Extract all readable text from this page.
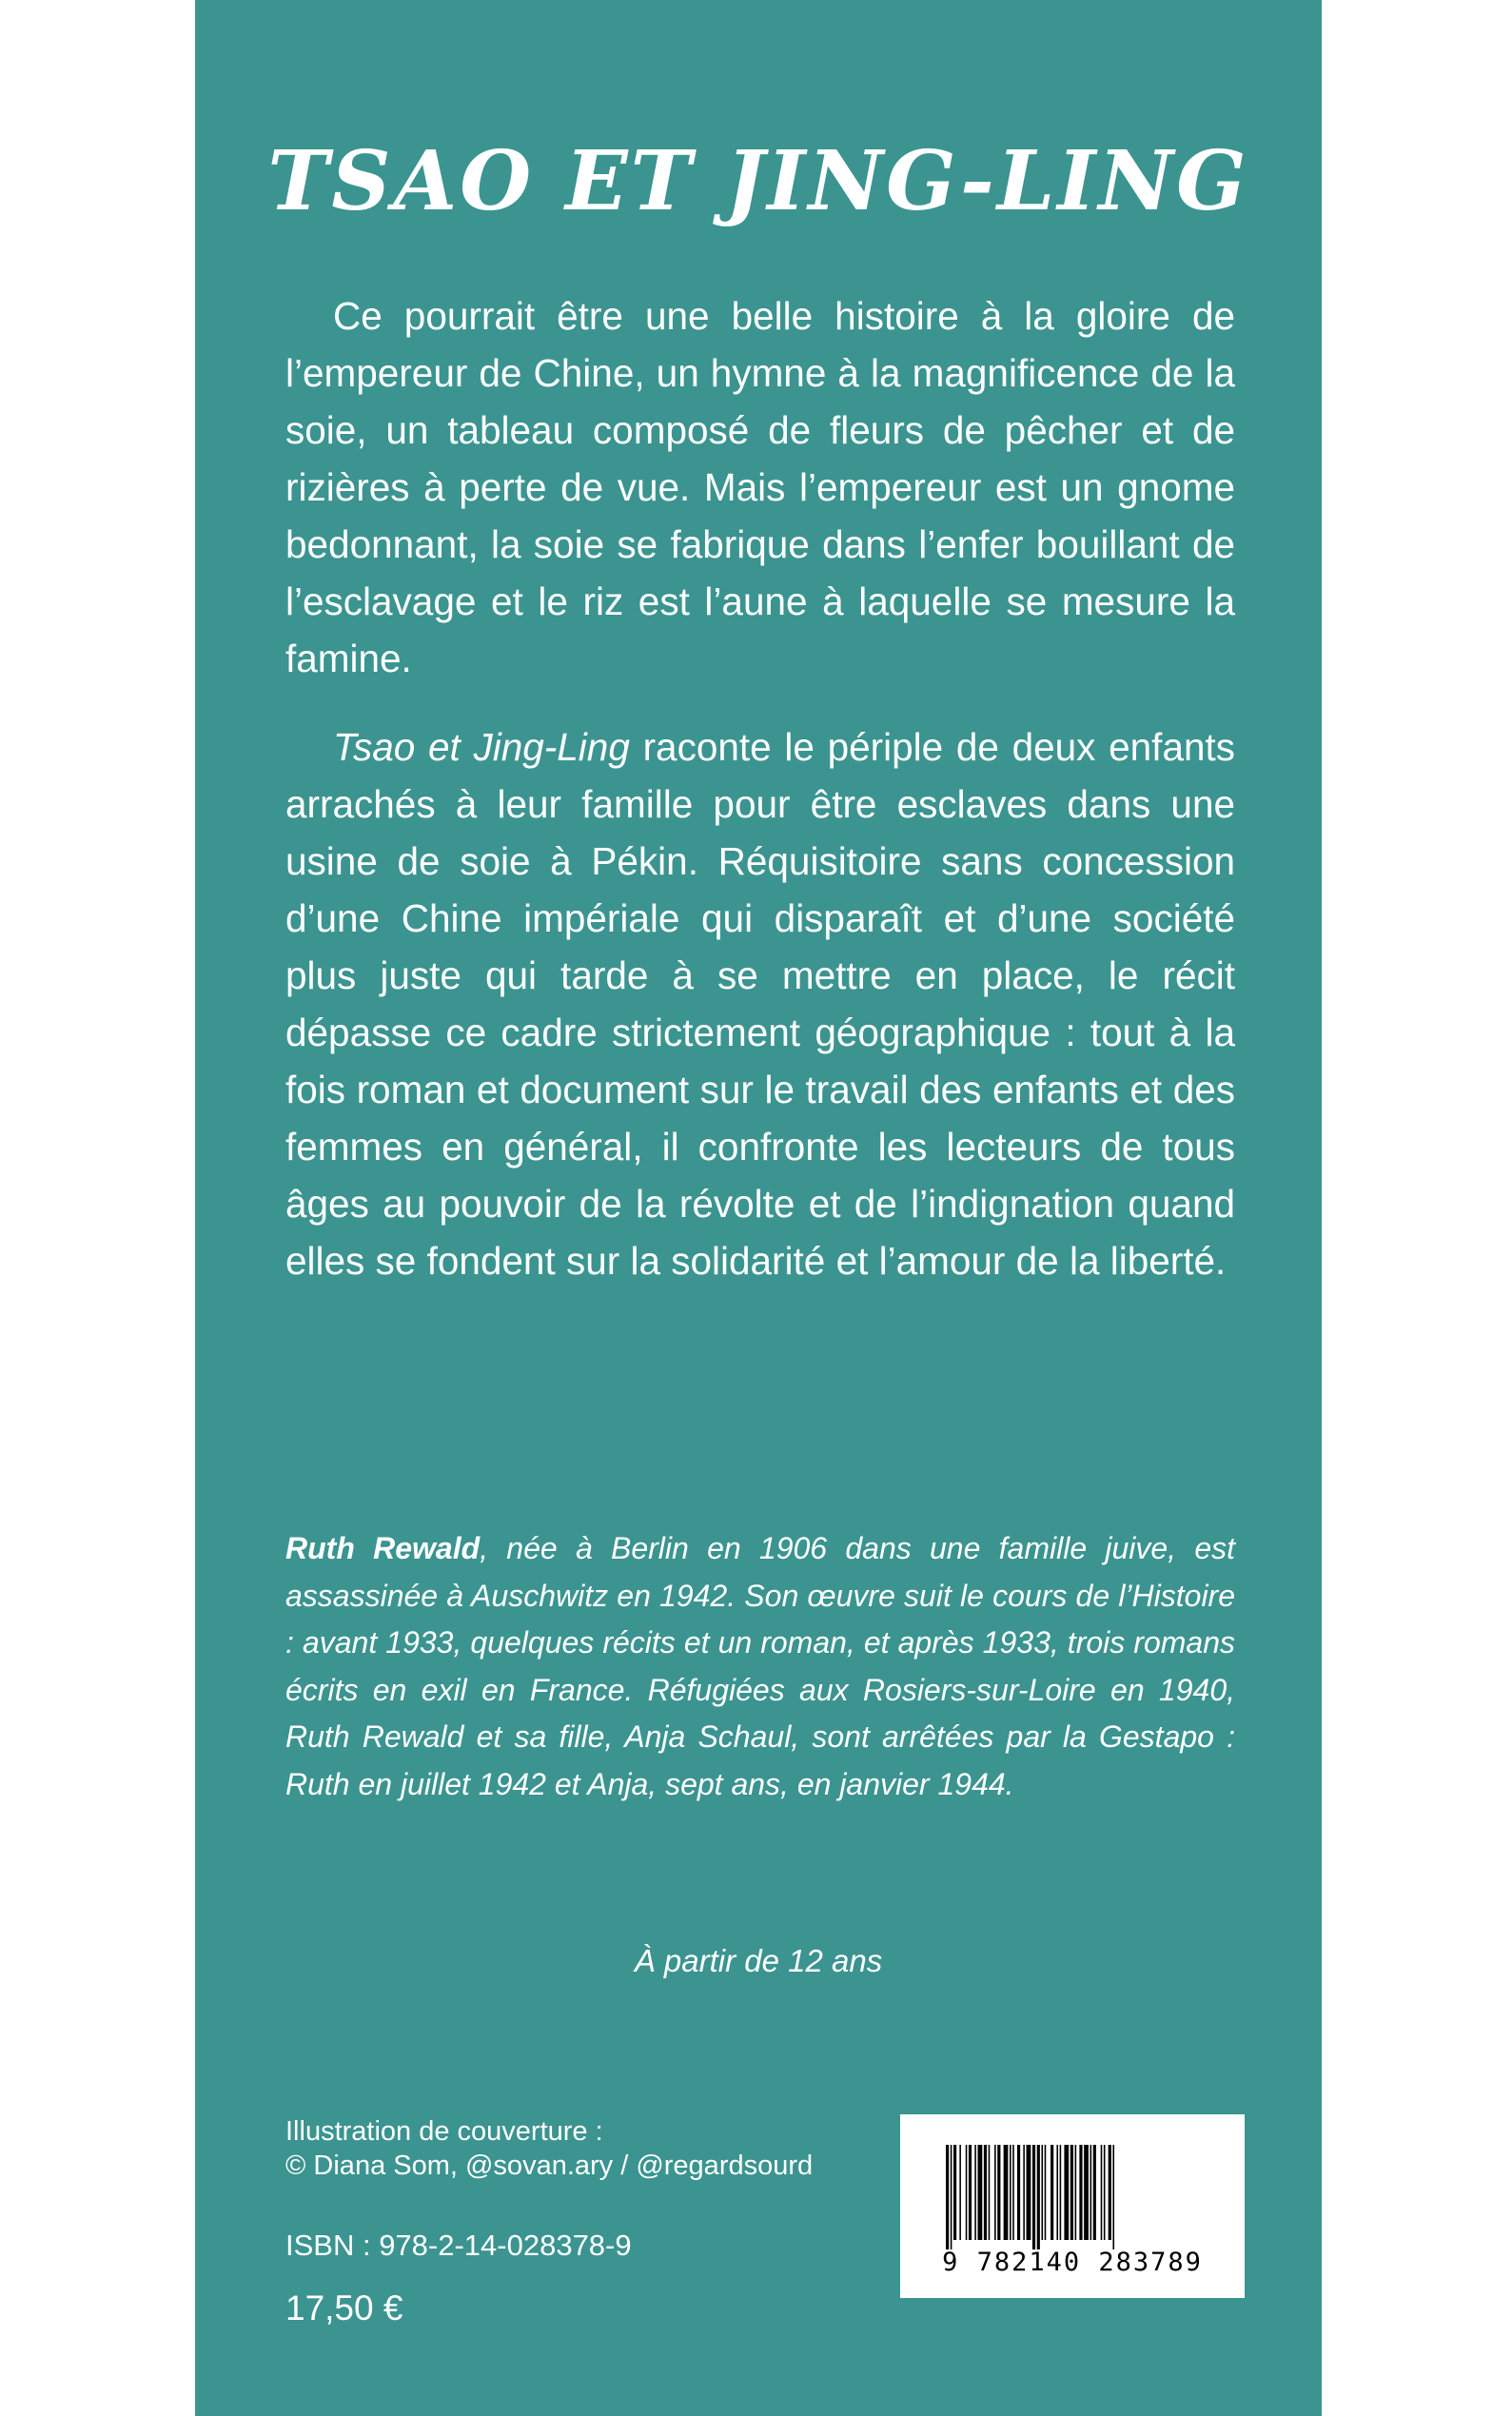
TSAO ET JING-LING

Ce pourrait être une belle histoire à la gloire de l’empereur de Chine, un hymne à la magnificence de la soie, un tableau composé de fleurs de pêcher et de rizières à perte de vue. Mais l’empereur est un gnome bedonnant, la soie se fabrique dans l’enfer bouillant de l’esclavage et le riz est l’aune à laquelle se mesure la famine.

Tsao et Jing-Ling raconte le périple de deux enfants arrachés à leur famille pour être esclaves dans une usine de soie à Pékin. Réquisitoire sans concession d’une Chine impériale qui disparaît et d’une société plus juste qui tarde à se mettre en place, le récit dépasse ce cadre strictement géographique : tout à la fois roman et document sur le travail des enfants et des femmes en général, il confronte les lecteurs de tous âges au pouvoir de la révolte et de l’indignation quand elles se fondent sur la solidarité et l’amour de la liberté.

Ruth Rewald, née à Berlin en 1906 dans une famille juive, est assassinée à Auschwitz en 1942. Son œuvre suit le cours de l’Histoire : avant 1933, quelques récits et un roman, et après 1933, trois romans écrits en exil en France. Réfugiées aux Rosiers-sur-Loire en 1940, Ruth Rewald et sa fille, Anja Schaul, sont arrêtées par la Gestapo : Ruth en juillet 1942 et Anja, sept ans, en janvier 1944.

À partir de 12 ans

Illustration de couverture :

© Diana Som, @sovan.ary / @regardsourd

ISBN : 978-2-14-028378-9

17,50 €

9 782140 283789
